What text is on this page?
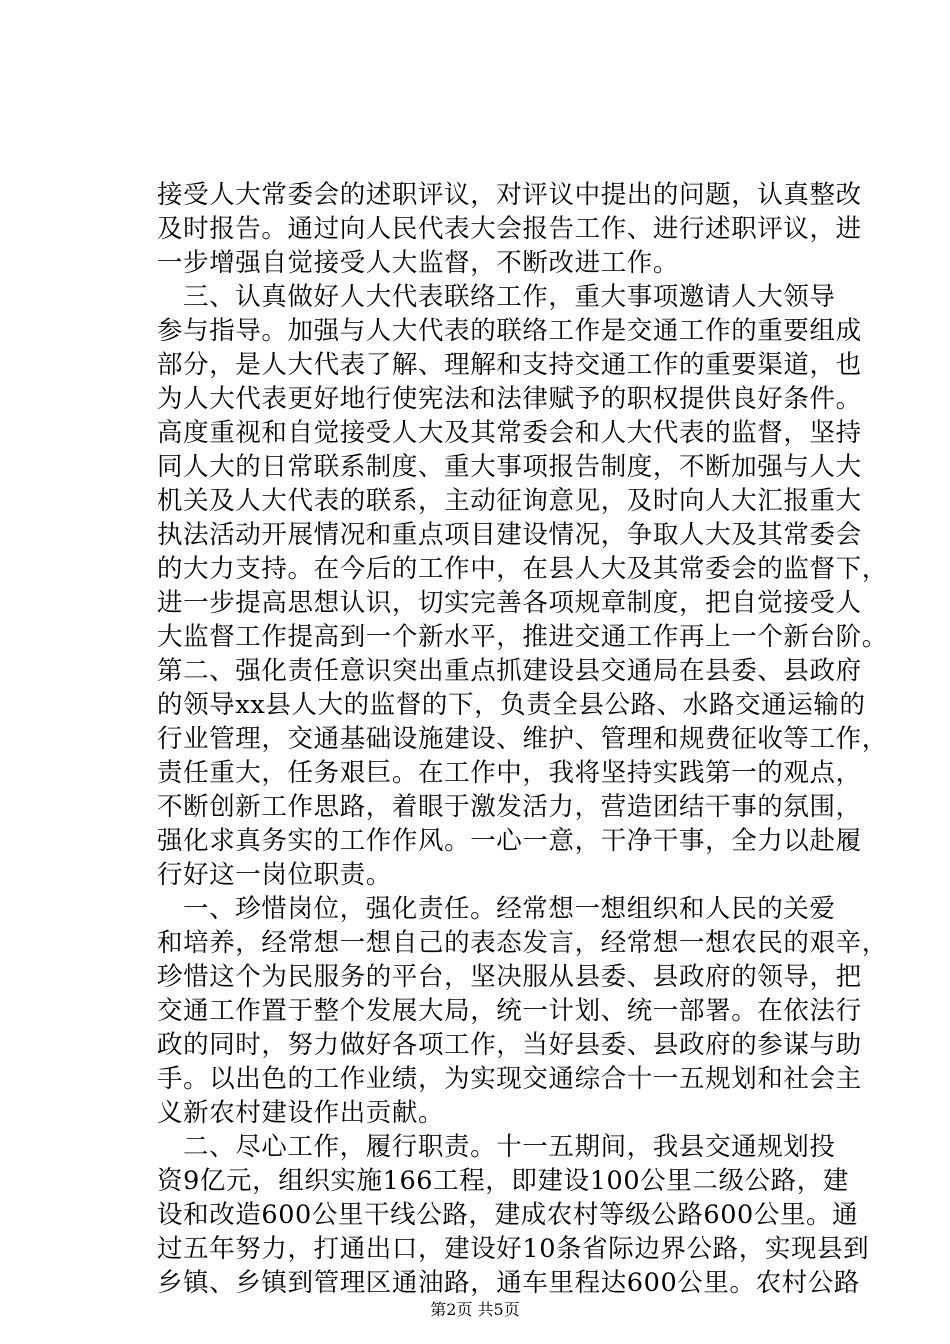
接受人大常委会的述职评议，对评议中提出的问题，认真整改
及时报告。通过向人民代表大会报告工作、进行述职评议，进
一步增强自觉接受人大监督，不断改进工作。
三、认真做好人大代表联络工作，重大事项邀请人大领导
参与指导。加强与人大代表的联络工作是交通工作的重要组成
部分，是人大代表了解、理解和支持交通工作的重要渠道，也
为人大代表更好地行使宪法和法律赋予的职权提供良好条件。
高度重视和自觉接受人大及其常委会和人大代表的监督，坚持
同人大的日常联系制度、重大事项报告制度，不断加强与人大
机关及人大代表的联系，主动征询意见，及时向人大汇报重大
执法活动开展情况和重点项目建设情况，争取人大及其常委会
的大力支持。在今后的工作中，在县人大及其常委会的监督下，
进一步提高思想认识，切实完善各项规章制度，把自觉接受人
大监督工作提高到一个新水平，推进交通工作再上一个新台阶。
第二、强化责任意识突出重点抓建设县交通局在县委、县政府
的领导xx县人大的监督的下，负责全县公路、水路交通运输的
行业管理，交通基础设施建设、维护、管理和规费征收等工作，
责任重大，任务艰巨。在工作中，我将坚持实践第一的观点，
不断创新工作思路，着眼于激发活力，营造团结干事的氛围，
强化求真务实的工作作风。一心一意，干净干事，全力以赴履
行好这一岗位职责。
一、珍惜岗位，强化责任。经常想一想组织和人民的关爱
和培养，经常想一想自己的表态发言，经常想一想农民的艰辛，
珍惜这个为民服务的平台，坚决服从县委、县政府的领导，把
交通工作置于整个发展大局，统一计划、统一部署。在依法行
政的同时，努力做好各项工作，当好县委、县政府的参谋与助
手。以出色的工作业绩，为实现交通综合十一五规划和社会主
义新农村建设作出贡献。
二、尽心工作，履行职责。十一五期间，我县交通规划投
资9亿元，组织实施166工程，即建设100公里二级公路，建
设和改造600公里干线公路，建成农村等级公路600公里。通
过五年努力，打通出口，建设好10条省际边界公路，实现县到
乡镇、乡镇到管理区通油路，通车里程达600公里。农村公路
第2页 共5页
